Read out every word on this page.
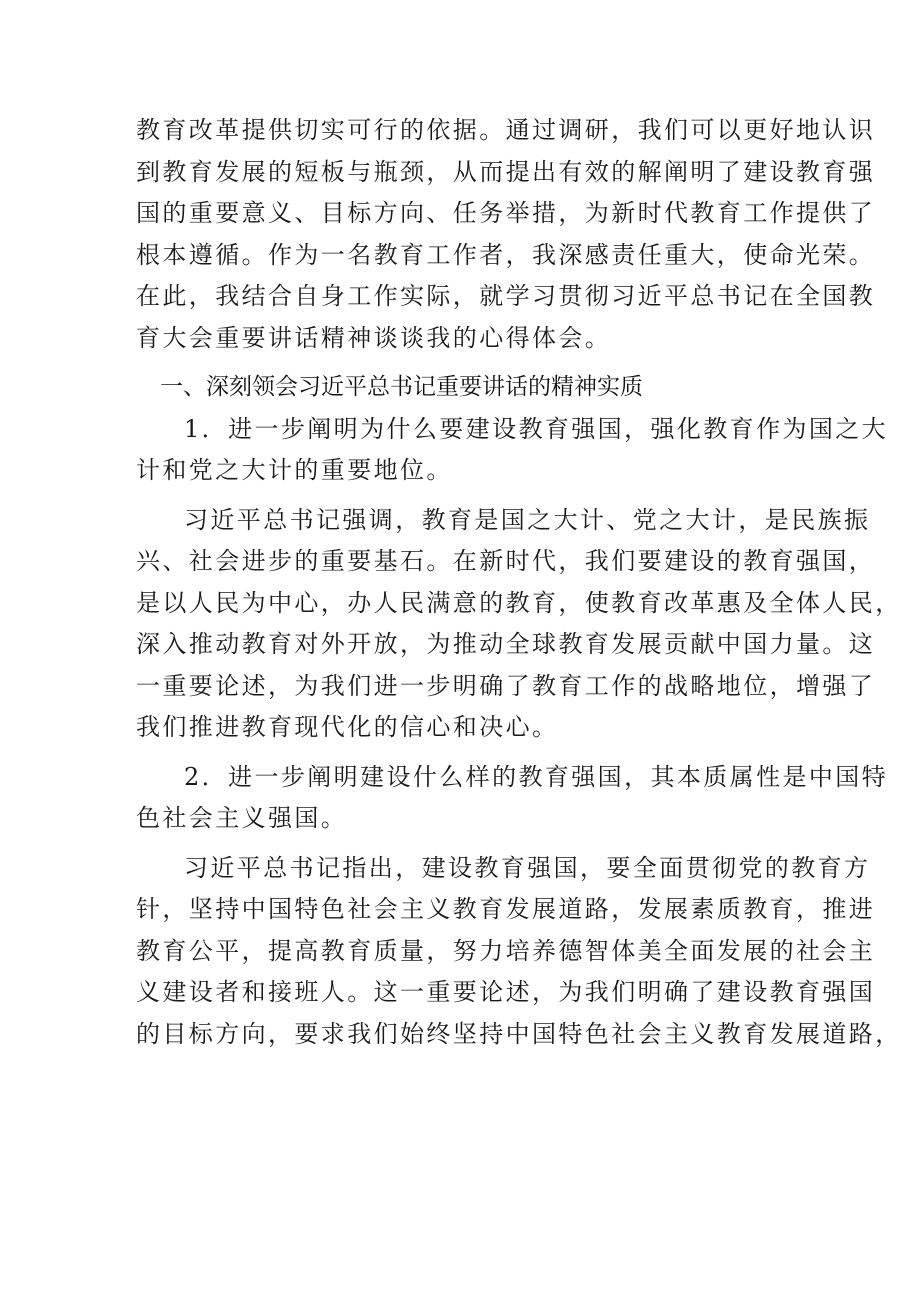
教育改革提供切实可行的依据。通过调研，我们可以更好地认识
到教育发展的短板与瓶颈，从而提出有效的解阐明了建设教育强
国的重要意义、目标方向、任务举措，为新时代教育工作提供了
根本遵循。作为一名教育工作者，我深感责任重大，使命光荣。
在此，我结合自身工作实际，就学习贯彻习近平总书记在全国教
育大会重要讲话精神谈谈我的心得体会。
一、深刻领会习近平总书记重要讲话的精神实质
1．进一步阐明为什么要建设教育强国，强化教育作为国之大
计和党之大计的重要地位。
习近平总书记强调，教育是国之大计、党之大计，是民族振
兴、社会进步的重要基石。在新时代，我们要建设的教育强国，
是以人民为中心，办人民满意的教育，使教育改革惠及全体人民，
深入推动教育对外开放，为推动全球教育发展贡献中国力量。这
一重要论述，为我们进一步明确了教育工作的战略地位，增强了
我们推进教育现代化的信心和决心。
2．进一步阐明建设什么样的教育强国，其本质属性是中国特
色社会主义强国。
习近平总书记指出，建设教育强国，要全面贯彻党的教育方
针，坚持中国特色社会主义教育发展道路，发展素质教育，推进
教育公平，提高教育质量，努力培养德智体美全面发展的社会主
义建设者和接班人。这一重要论述，为我们明确了建设教育强国
的目标方向，要求我们始终坚持中国特色社会主义教育发展道路，
